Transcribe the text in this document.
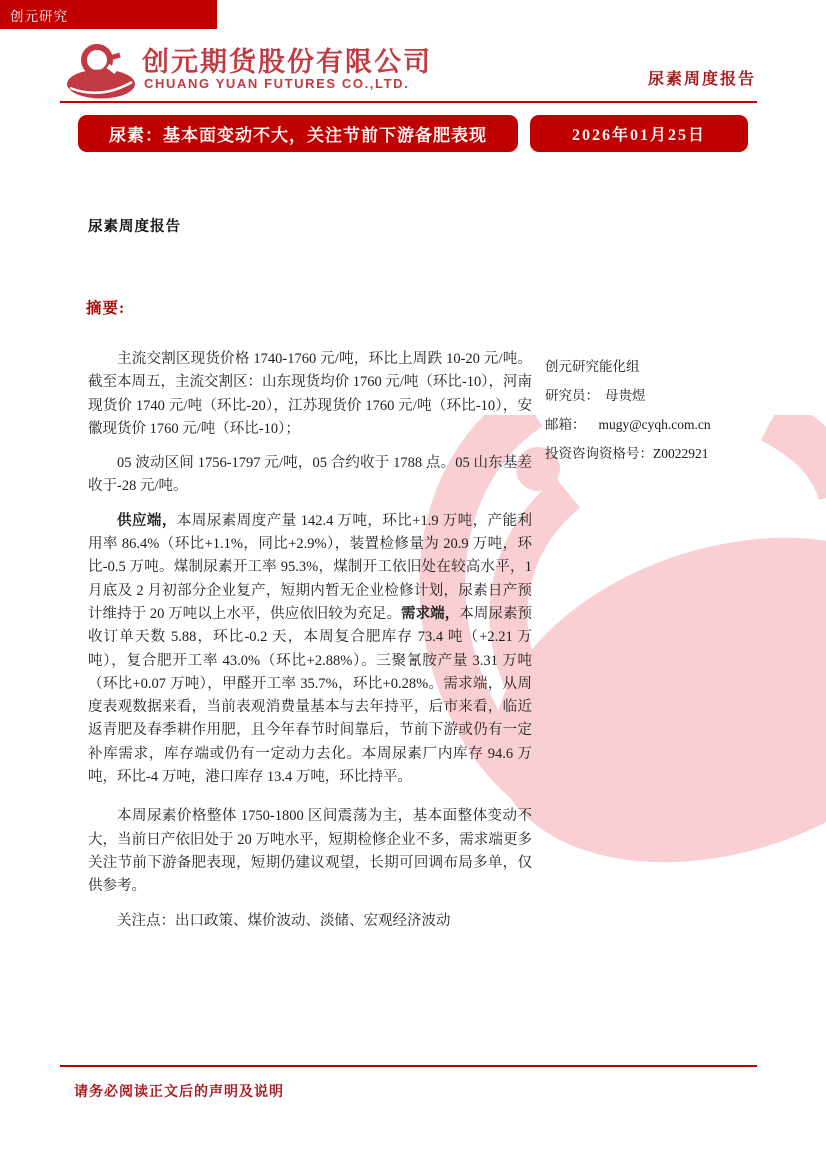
创元期货股份有限公司
CHUANG YUAN FUTURES CO.,LTD.	尿素周度报告
尿素：基本面变动不大，关注节前下游备肥表现	2026年01月25日
尿素周度报告
摘要:
创元研究

主流交割区现货价格 1740-1760 元/吨，环比上周跌 10-20 元/吨。截至本周五，主流交割区：山东现货均价 1760 元/吨（环比-10），河南现货价 1740 元/吨（环比-20），江苏现货价 1760 元/吨（环比-10），安徽现货价 1760 元/吨（环比-10）；

05 波动区间 1756-1797 元/吨，05 合约收于 1788 点。05 山东基差收于-28 元/吨。

供应端，本周尿素周度产量 142.4 万吨，环比+1.9 万吨，产能利用率 86.4%（环比+1.1%，同比+2.9%），装置检修量为 20.9 万吨，环比-0.5 万吨。煤制尿素开工率 95.3%，煤制开工依旧处在较高水平，1 月底及 2 月初部分企业复产，短期内暂无企业检修计划，尿素日产预计维持于 20 万吨以上水平，供应依旧较为充足。需求端，本周尿素预收订单天数 5.88，环比-0.2 天，本周复合肥库存 73.4 吨（+2.21 万吨），复合肥开工率 43.0%（环比+2.88%）。三聚氰胺产量 3.31 万吨（环比+0.07 万吨），甲醛开工率 35.7%，环比+0.28%。需求端，从周度表观数据来看，当前表观消费量基本与去年持平，后市来看，临近返青肥及春季耕作用肥，且今年春节时间靠后，节前下游或仍有一定补库需求，库存端或仍有一定动力去化。本周尿素厂内库存 94.6 万吨，环比-4 万吨，港口库存 13.4 万吨，环比持平。

本周尿素价格整体 1750-1800 区间震荡为主，基本面整体变动不大，当前日产依旧处于 20 万吨水平，短期检修企业不多，需求端更多关注节前下游备肥表现，短期仍建议观望，长期可回调布局多单，仅供参考。

关注点：出口政策、煤价波动、淡储、宏观经济波动

创元研究能化组
研究员： 母贵煜
邮箱： mugy@cyqh.com.cn
投资咨询资格号：Z0022921
请务必阅读正文后的声明及说明
